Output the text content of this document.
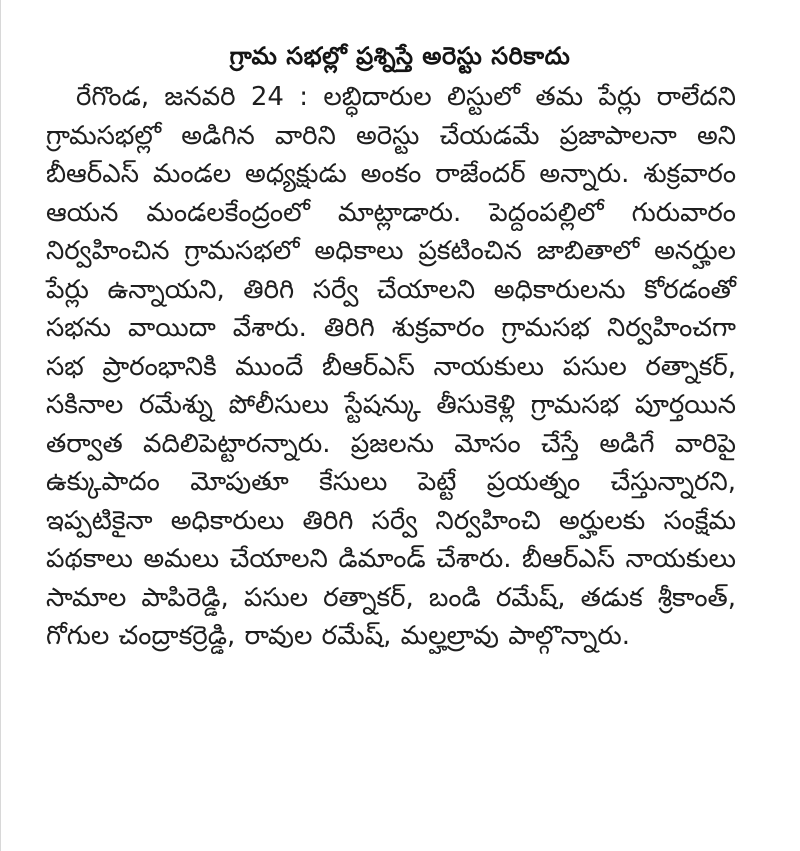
గ్రామ సభల్లో ప్రశ్నిస్తే అరెస్టు సరికాదు

రేగొండ, జనవరి 24 : లబ్ధిదారుల లిస్టులో తమ పేర్లు రాలేదని గ్రామసభల్లో అడిగిన వారిని అరెస్టు చేయడమే ప్రజాపాలనా అని బీఆర్ఎస్ మండల అధ్యక్షుడు అంకం రాజేందర్ అన్నారు. శుక్రవారం ఆయన మండలకేంద్రంలో మాట్లాడారు. పెద్దంపల్లిలో గురువారం నిర్వహించిన గ్రామసభలో అధికాలు ప్రకటించిన జాబితాలో అనర్హుల పేర్లు ఉన్నాయని, తిరిగి సర్వే చేయాలని అధికారులను కోరడంతో సభను వాయిదా వేశారు. తిరిగి శుక్రవారం గ్రామసభ నిర్వహించగా సభ ప్రారంభానికి ముందే బీఆర్ఎస్ నాయకులు పసుల రత్నాకర్, సకినాల రమేశ్ను పోలీసులు స్టేషన్కు తీసుకెళ్లి గ్రామసభ పూర్తయిన తర్వాత వదిలిపెట్టారన్నారు. ప్రజలను మోసం చేస్తే అడిగే వారిపై ఉక్కుపాదం మోపుతూ కేసులు పెట్టే ప్రయత్నం చేస్తున్నారని, ఇప్పటికైనా అధికారులు తిరిగి సర్వే నిర్వహించి అర్హులకు సంక్షేమ పథకాలు అమలు చేయాలని డిమాండ్ చేశారు. బీఆర్ఎస్ నాయకులు సామాల పాపిరెడ్డి, పసుల రత్నాకర్, బండి రమేష్, తడుక శ్రీకాంత్, గోగుల చంద్రాకర్రెడ్డి, రావుల రమేష్, మల్హల్రావు పాల్గొన్నారు.
